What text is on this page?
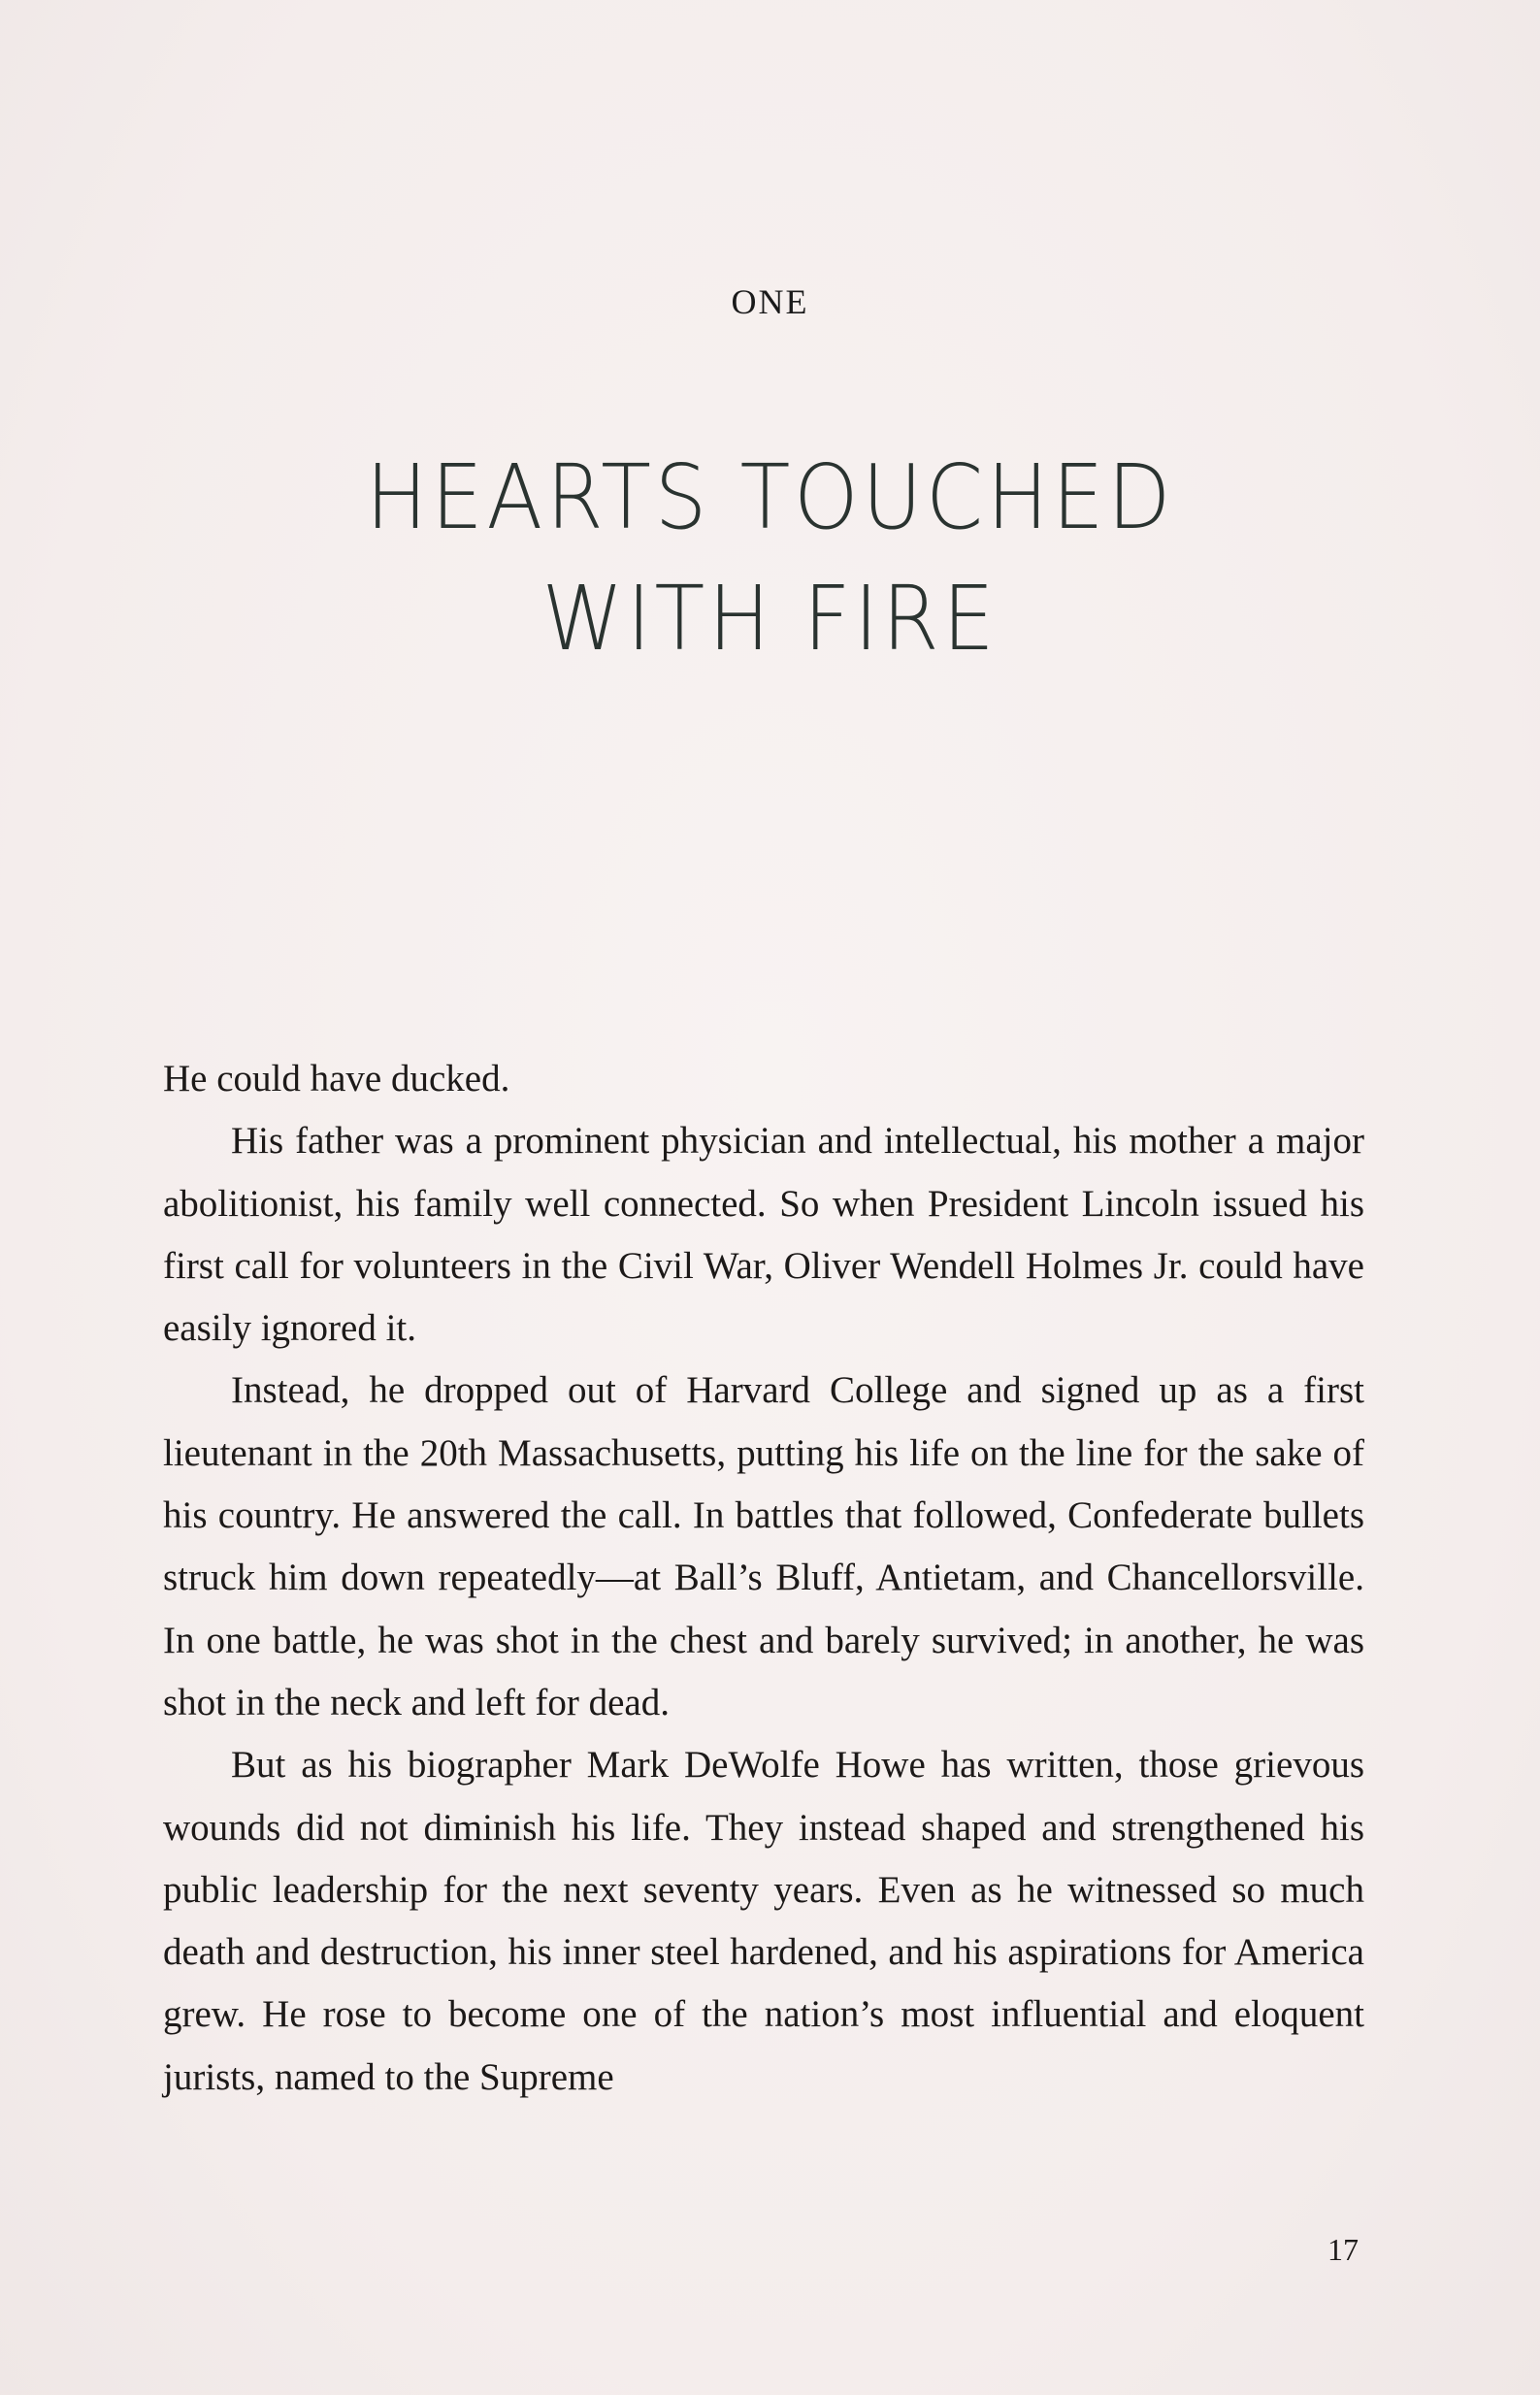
ONE
HEARTS TOUCHED
WITH FIRE

He could have ducked.

His father was a prominent physician and intellectual, his mother a major abolitionist, his family well connected. So when President Lincoln issued his first call for volunteers in the Civil War, Oliver Wendell Holmes Jr. could have easily ignored it.

Instead, he dropped out of Harvard College and signed up as a first lieutenant in the 20th Massachusetts, putting his life on the line for the sake of his country. He answered the call. In battles that followed, Confederate bullets struck him down repeatedly—at Ball’s Bluff, Antietam, and Chancellorsville. In one battle, he was shot in the chest and barely survived; in another, he was shot in the neck and left for dead.

But as his biographer Mark DeWolfe Howe has written, those grievous wounds did not diminish his life. They instead shaped and strengthened his public leadership for the next seventy years. Even as he witnessed so much death and destruction, his inner steel hardened, and his aspirations for America grew. He rose to become one of the nation’s most influential and eloquent jurists, named to the Supreme

17
